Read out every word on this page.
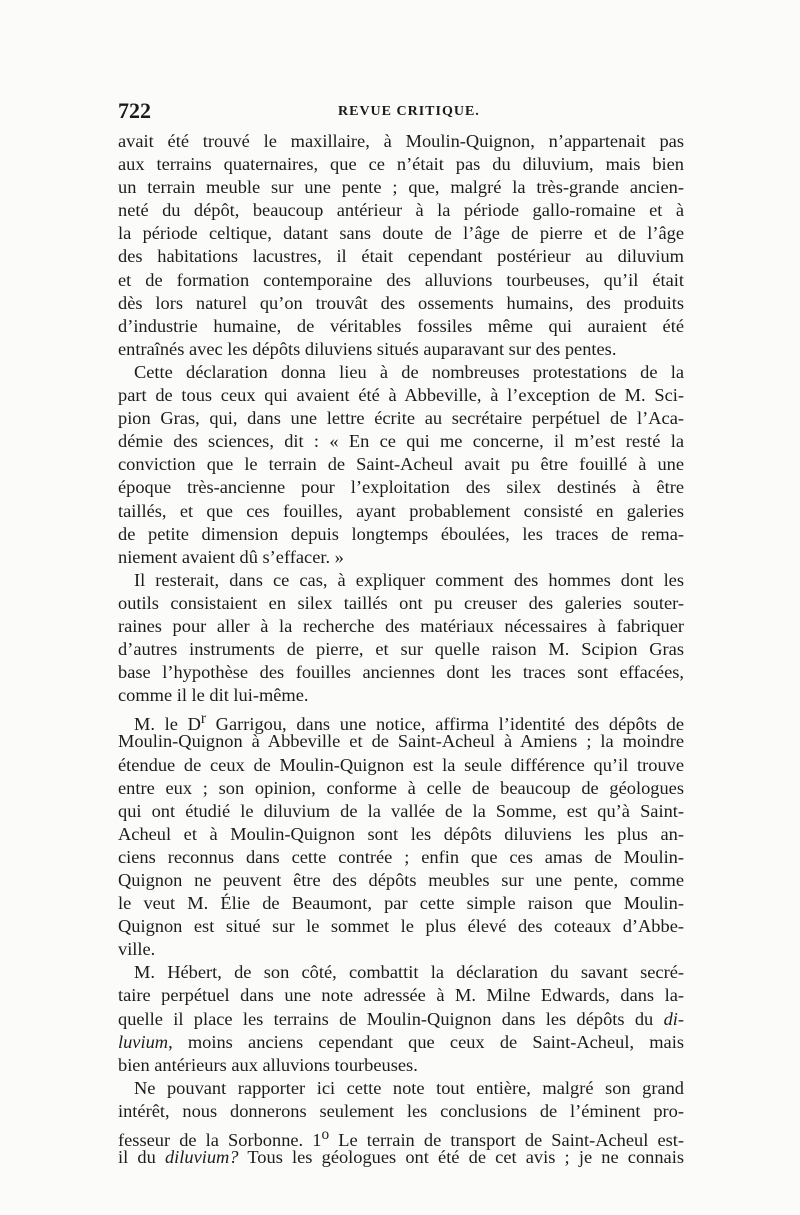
722	REVUE CRITIQUE.
avait été trouvé le maxillaire, à Moulin-Quignon, n’appartenait pas
aux terrains quaternaires, que ce n’était pas du diluvium, mais bien
un terrain meuble sur une pente ; que, malgré la très-grande ancien-
neté du dépôt, beaucoup antérieur à la période gallo-romaine et à
la période celtique, datant sans doute de l’âge de pierre et de l’âge
des habitations lacustres, il était cependant postérieur au diluvium
et de formation contemporaine des alluvions tourbeuses, qu’il était
dès lors naturel qu’on trouvât des ossements humains, des produits
d’industrie humaine, de véritables fossiles même qui auraient été
entraînés avec les dépôts diluviens situés auparavant sur des pentes.
Cette déclaration donna lieu à de nombreuses protestations de la
part de tous ceux qui avaient été à Abbeville, à l’exception de M. Sci-
pion Gras, qui, dans une lettre écrite au secrétaire perpétuel de l’Aca-
démie des sciences, dit : « En ce qui me concerne, il m’est resté la
conviction que le terrain de Saint-Acheul avait pu être fouillé à une
époque très-ancienne pour l’exploitation des silex destinés à être
taillés, et que ces fouilles, ayant probablement consisté en galeries
de petite dimension depuis longtemps éboulées, les traces de rema-
niement avaient dû s’effacer. »
Il resterait, dans ce cas, à expliquer comment des hommes dont les
outils consistaient en silex taillés ont pu creuser des galeries souter-
raines pour aller à la recherche des matériaux nécessaires à fabriquer
d’autres instruments de pierre, et sur quelle raison M. Scipion Gras
base l’hypothèse des fouilles anciennes dont les traces sont effacées,
comme il le dit lui-même.
M. le $D^r$ Garrigou, dans une notice, affirma l’identité des dépôts de
Moulin-Quignon à Abbeville et de Saint-Acheul à Amiens ; la moindre
étendue de ceux de Moulin-Quignon est la seule différence qu’il trouve
entre eux ; son opinion, conforme à celle de beaucoup de géologues
qui ont étudié le diluvium de la vallée de la Somme, est qu’à Saint-
Acheul et à Moulin-Quignon sont les dépôts diluviens les plus an-
ciens reconnus dans cette contrée ; enfin que ces amas de Moulin-
Quignon ne peuvent être des dépôts meubles sur une pente, comme
le veut M. Élie de Beaumont, par cette simple raison que Moulin-
Quignon est situé sur le sommet le plus élevé des coteaux d’Abbe-
ville.
M. Hébert, de son côté, combattit la déclaration du savant secré-
taire perpétuel dans une note adressée à M. Milne Edwards, dans la-
quelle il place les terrains de Moulin-Quignon dans les dépôts du di-
luvium, moins anciens cependant que ceux de Saint-Acheul, mais
bien antérieurs aux alluvions tourbeuses.
Ne pouvant rapporter ici cette note tout entière, malgré son grand
intérêt, nous donnerons seulement les conclusions de l’éminent pro-
fesseur de la Sorbonne. 1$^o$ Le terrain de transport de Saint-Acheul est-
il du diluvium? Tous les géologues ont été de cet avis ; je ne connais
